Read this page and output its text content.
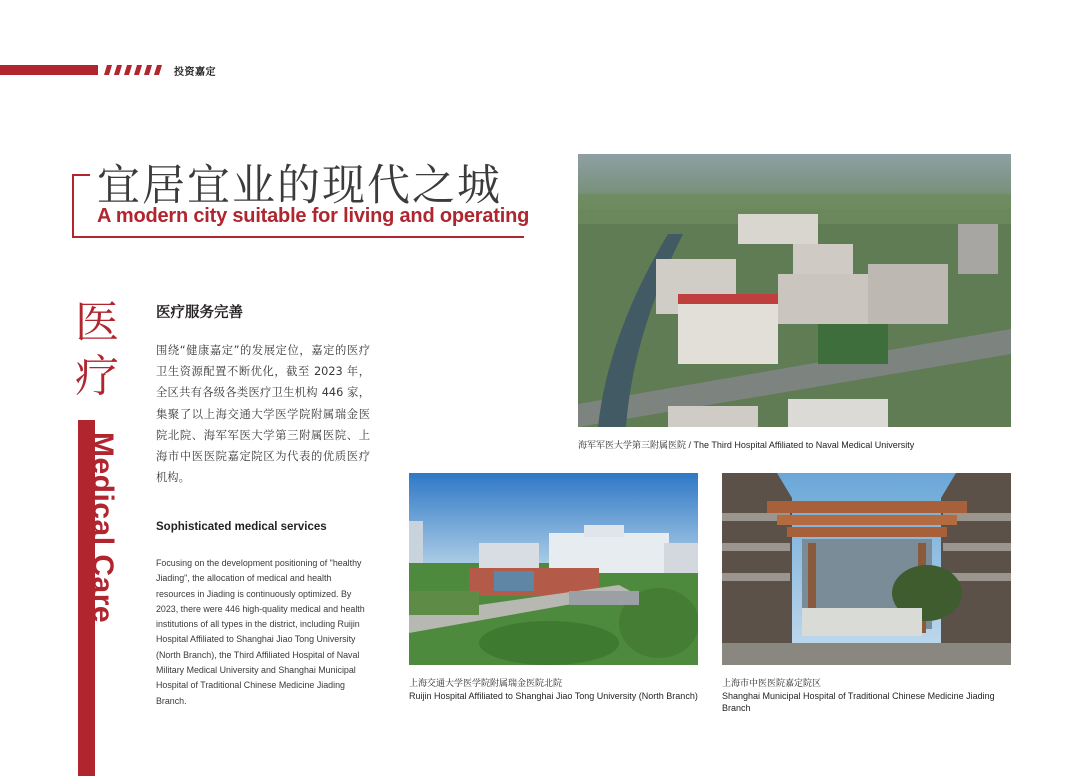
投资嘉定
宜居宜业的现代之城
A modern city suitable for living and operating
医
疗
Medical Care
医疗服务完善
围绕“健康嘉定”的发展定位，嘉定的医疗卫生资源配置不断优化，截至 2023 年，全区共有各级各类医疗卫生机构 446 家，集聚了以上海交通大学医学院附属瑞金医院北院、海军军医大学第三附属医院、上海市中医医院嘉定院区为代表的优质医疗机构。
Sophisticated medical services
Focusing on the development positioning of "healthy Jiading", the allocation of medical and health resources in Jiading is continuously optimized. By 2023, there were 446 high-quality medical and health institutions of all types in the district, including Ruijin Hospital Affiliated to Shanghai Jiao Tong University (North Branch), the Third Affiliated Hospital of Naval Military Medical University and Shanghai Municipal Hospital of Traditional Chinese Medicine Jiading Branch.
海军军医大学第三附属医院 / The Third Hospital Affiliated to Naval Medical University
上海交通大学医学院附属瑞金医院北院
Ruijin Hospital Affiliated to Shanghai Jiao Tong University (North Branch)
上海市中医医院嘉定院区
Shanghai Municipal Hospital of Traditional Chinese Medicine Jiading Branch
